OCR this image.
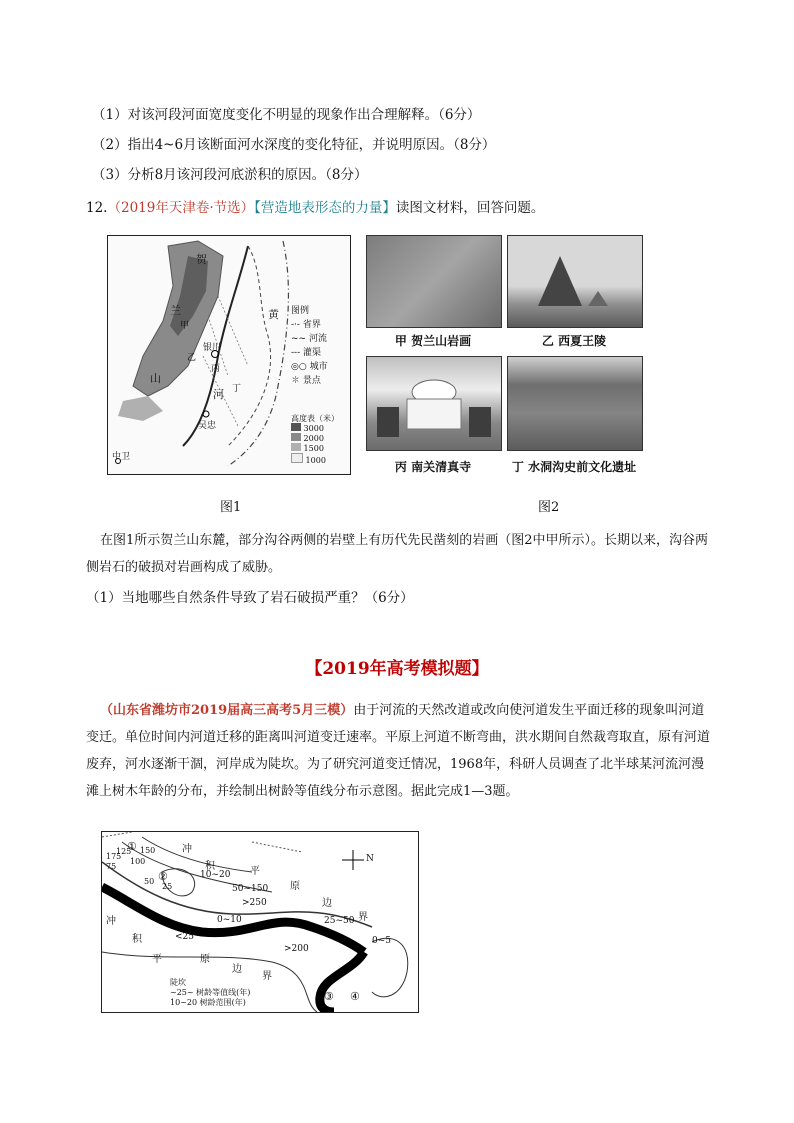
（1）对该河段河面宽度变化不明显的现象作出合理解释。（6分）
（2）指出4~6月该断面河水深度的变化特征，并说明原因。（8分）
（3）分析8月该河段河底淤积的原因。（8分）
12.（2019年天津卷·节选）【营造地表形态的力量】读图文材料，回答问题。
贺
兰
山
黄
河
甲
乙
丙
丁
银川
吴忠
中卫
图例
-·- 省界
~~ 河流
--- 灌渠
◎○ 城市
✽ 景点
高度表（米）
3000
2000
1500
1000
图1
甲 贺兰山岩画	乙 西夏王陵
丙 南关清真寺	丁 水洞沟史前文化遗址
图2
在图1所示贺兰山东麓，部分沟谷两侧的岩壁上有历代先民凿刻的岩画（图2中甲所示）。长期以来，沟谷两侧岩石的破损对岩画构成了威胁。
（1）当地哪些自然条件导致了岩石破损严重？（6分）
【2019年高考模拟题】
（山东省潍坊市2019届高三高考5月三模）由于河流的天然改道或改向使河道发生平面迁移的现象叫河道变迁。单位时间内河道迁移的距离叫河道变迁速率。平原上河道不断弯曲，洪水期间自然裁弯取直，原有河道废弃，河水逐渐干涸，河岸成为陡坎。为了研究河道变迁情况，1968年，科研人员调查了北半球某河流河漫滩上树木年龄的分布，并绘制出树龄等值线分布示意图。据此完成1—3题。
冲
积	平
原
边
界
冲
积
平	原
边
界
N
50~150
>250
0~10
<25
>200
10~20
25~50
0~5
75
125
175
150
100
50
25
①
②
③ ④
陡坎
~25~ 树龄等值线(年)
10~20 树龄范围(年)
